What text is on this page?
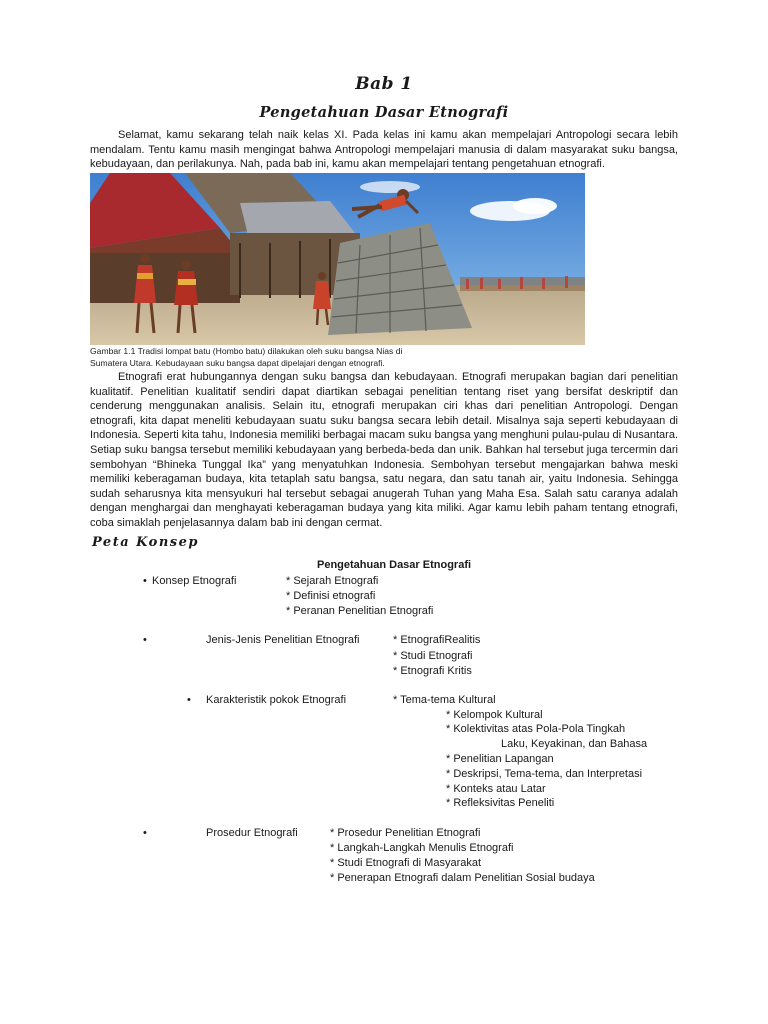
Bab 1
Pengetahuan Dasar Etnografi

Selamat, kamu sekarang telah naik kelas XI. Pada kelas ini kamu akan mempelajari Antropologi secara lebih mendalam. Tentu kamu masih mengingat bahwa Antropologi mempelajari manusia di dalam masyarakat suku bangsa, kebudayaan, dan perilakunya. Nah, pada bab ini, kamu akan mempelajari tentang pengetahuan etnografi.

Gambar 1.1 Tradisi lompat batu (Hombo batu) dilakukan oleh suku bangsa Nias di
Sumatera Utara. Kebudayaan suku bangsa dapat dipelajari dengan etnografi.

Etnografi erat hubungannya dengan suku bangsa dan kebudayaan. Etnografi merupakan bagian dari penelitian kualitatif. Penelitian kualitatif sendiri dapat diartikan sebagai penelitian tentang riset yang bersifat deskriptif dan cenderung menggunakan analisis. Selain itu, etnografi merupakan ciri khas dari penelitian Antropologi. Dengan etnografi, kita dapat meneliti kebudayaan suatu suku bangsa secara lebih detail. Misalnya saja seperti kebudayaan di Indonesia. Seperti kita tahu, Indonesia memiliki berbagai macam suku bangsa yang menghuni pulau-pulau di Nusantara. Setiap suku bangsa tersebut memiliki kebudayaan yang berbeda-beda dan unik. Bahkan hal tersebut juga tercermin dari sembohyan “Bhineka Tunggal Ika” yang menyatuhkan Indonesia. Sembohyan tersebut mengajarkan bahwa meski memiliki keberagaman budaya, kita tetaplah satu bangsa, satu negara, dan satu tanah air, yaitu Indonesia. Sehingga sudah seharusnya kita mensyukuri hal tersebut sebagai anugerah Tuhan yang Maha Esa. Salah satu caranya adalah dengan menghargai dan menghayati keberagaman budaya yang kita miliki. Agar kamu lebih paham tentang etnografi, coba simaklah penjelasannya dalam bab ini dengan cermat.

Peta Konsep
Pengetahuan Dasar Etnografi
• Konsep Etnografi	* Sejarah Etnografi
* Definisi etnografi
* Peranan Penelitian Etnografi
•	Jenis-Jenis Penelitian Etnografi	* EtnografiRealitis
* Studi Etnografi
* Etnografi Kritis
• Karakteristik pokok Etnografi	* Tema-tema Kultural
* Kelompok Kultural
* Kolektivitas atas Pola-Pola Tingkah
Laku, Keyakinan, dan Bahasa
* Penelitian Lapangan
* Deskripsi, Tema-tema, dan Interpretasi
* Konteks atau Latar
* Refleksivitas Peneliti
•	Prosedur Etnografi	* Prosedur Penelitian Etnografi
* Langkah-Langkah Menulis Etnografi
* Studi Etnografi di Masyarakat
* Penerapan Etnografi dalam Penelitian Sosial budaya
